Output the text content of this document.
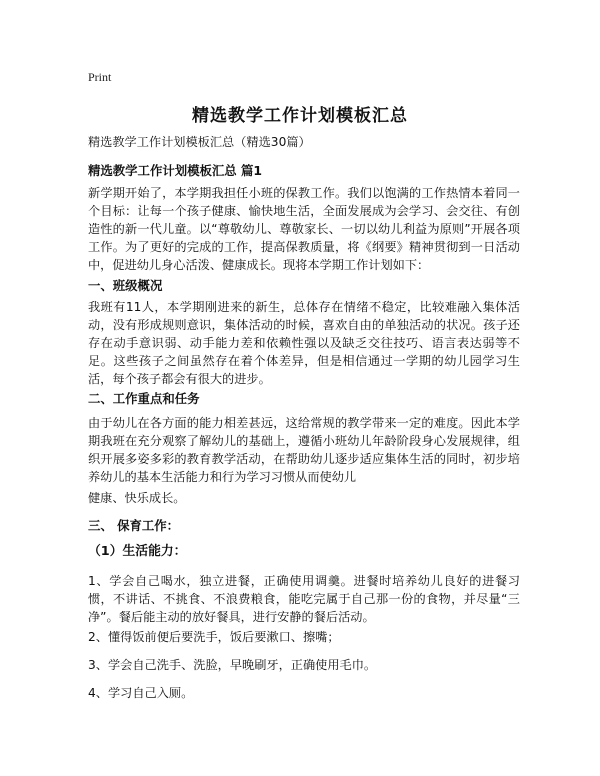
Print
精选教学工作计划模板汇总
精选教学工作计划模板汇总（精选30篇）
精选教学工作计划模板汇总 篇1
新学期开始了，本学期我担任小班的保教工作。我们以饱满的工作热情本着同一个目标：让每一个孩子健康、愉快地生活，全面发展成为会学习、会交往、有创造性的新一代儿童。以“尊敬幼儿、尊敬家长、一切以幼儿利益为原则”开展各项工作。为了更好的完成的工作，提高保教质量，将《纲要》精神贯彻到一日活动中，促进幼儿身心活泼、健康成长。现将本学期工作计划如下：
一、班级概况
我班有11人，本学期刚进来的新生，总体存在情绪不稳定，比较难融入集体活动，没有形成规则意识，集体活动的时候，喜欢自由的单独活动的状况。孩子还存在动手意识弱、动手能力差和依赖性强以及缺乏交往技巧、语言表达弱等不足。这些孩子之间虽然存在着个体差异，但是相信通过一学期的幼儿园学习生活，每个孩子都会有很大的进步。
二、工作重点和任务
由于幼儿在各方面的能力相差甚远，这给常规的教学带来一定的难度。因此本学期我班在充分观察了解幼儿的基础上，遵循小班幼儿年龄阶段身心发展规律，组织开展多姿多彩的教育教学活动，在帮助幼儿逐步适应集体生活的同时，初步培养幼儿的基本生活能力和行为学习习惯从而使幼儿
健康、快乐成长。
三、 保育工作：
（1）生活能力：
1、学会自己喝水，独立进餐，正确使用调羹。进餐时培养幼儿良好的进餐习惯，不讲话、不挑食、不浪费粮食，能吃完属于自己那一份的食物，并尽量“三净”。餐后能主动的放好餐具，进行安静的餐后活动。
2、懂得饭前便后要洗手，饭后要漱口、擦嘴；
3、学会自己洗手、洗脸，早晚刷牙，正确使用毛巾。
4、学习自己入厕。
